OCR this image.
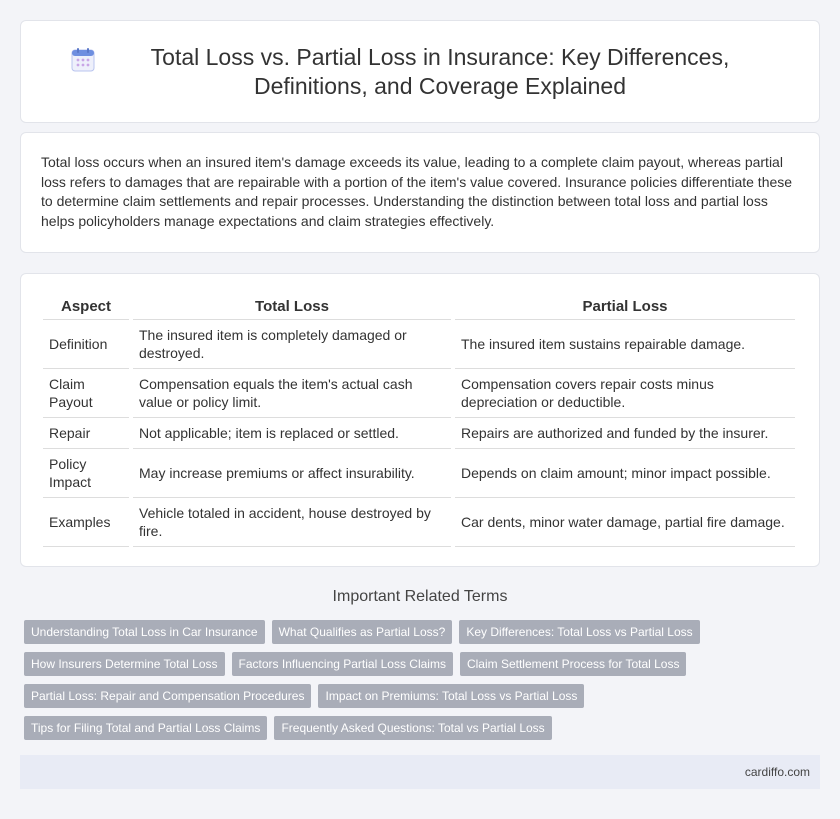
Total Loss vs. Partial Loss in Insurance: Key Differences, Definitions, and Coverage Explained

Total loss occurs when an insured item's damage exceeds its value, leading to a complete claim payout, whereas partial loss refers to damages that are repairable with a portion of the item's value covered. Insurance policies differentiate these to determine claim settlements and repair processes. Understanding the distinction between total loss and partial loss helps policyholders manage expectations and claim strategies effectively.

Aspect	Total Loss	Partial Loss
Definition	The insured item is completely damaged or destroyed.	The insured item sustains repairable damage.
Claim Payout	Compensation equals the item's actual cash value or policy limit.	Compensation covers repair costs minus depreciation or deductible.
Repair	Not applicable; item is replaced or settled.	Repairs are authorized and funded by the insurer.
Policy Impact	May increase premiums or affect insurability.	Depends on claim amount; minor impact possible.
Examples	Vehicle totaled in accident, house destroyed by fire.	Car dents, minor water damage, partial fire damage.
Important Related Terms
Understanding Total Loss in Car Insurance	What Qualifies as Partial Loss?	Key Differences: Total Loss vs Partial Loss
How Insurers Determine Total Loss	Factors Influencing Partial Loss Claims	Claim Settlement Process for Total Loss
Partial Loss: Repair and Compensation Procedures	Impact on Premiums: Total Loss vs Partial Loss
Tips for Filing Total and Partial Loss Claims	Frequently Asked Questions: Total vs Partial Loss
cardiffo.com
